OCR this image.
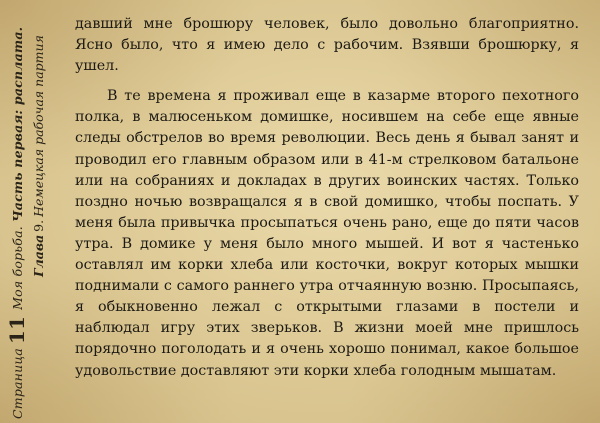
Страница11Моя борьба. Часть первая: расплата.
Глава9.Немецкая рабочая партия

давший мне брошюру человек, было довольно благоприятно. Ясно было, что я имею дело с рабочим. Взявши брошюрку, я ушел.

В те времена я проживал еще в казарме второго пехотного полка, в малюсеньком домишке, носившем на себе еще явные следы обстрелов во время революции. Весь день я бывал занят и проводил его главным образом или в 41-м стрелковом батальоне или на собраниях и докладах в других воинских частях. Только поздно ночью возвращался я в свой домишко, чтобы поспать. У меня была привычка просыпаться очень рано, еще до пяти часов утра. В домике у меня было много мышей. И вот я частенько оставлял им корки хлеба или косточки, вокруг которых мышки поднимали с самого раннего утра отчаянную возню. Просыпаясь, я обыкновенно лежал с открытыми глазами в постели и наблюдал игру этих зверьков. В жизни моей мне пришлось порядочно поголодать и я очень хорошо понимал, какое большое удовольствие доставляют эти корки хлеба голодным мышатам.
